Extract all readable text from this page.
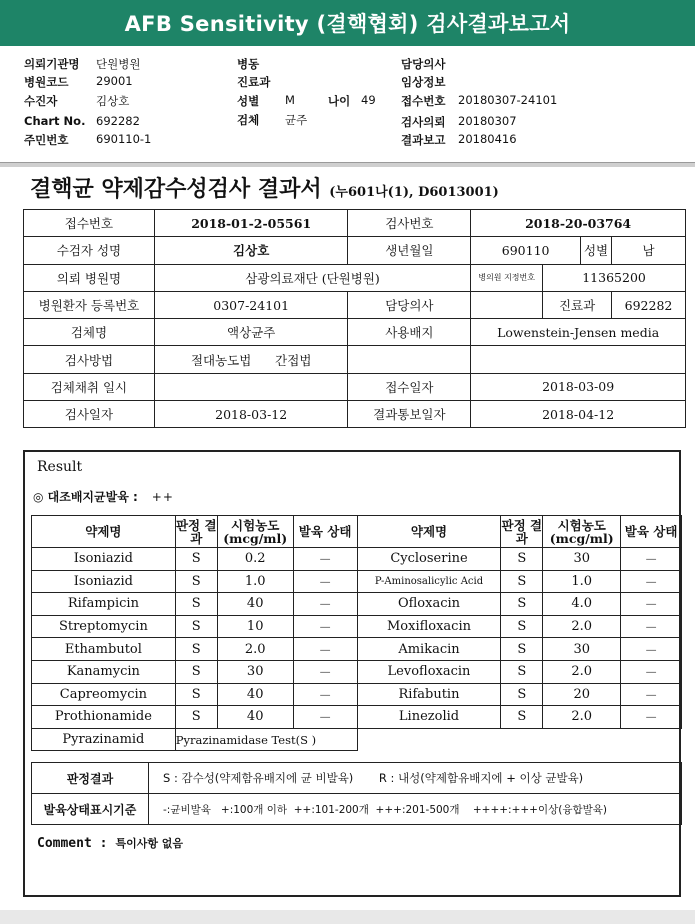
AFB Sensitivity (결핵협회) 검사결과보고서
의뢰기관명 단원병원
병원코드 29001
수진자	김상호
Chart No. 692282
주민번호 690110-1
병동
진료과
성별 M	나이 49
검체 균주
담당의사
임상정보
접수번호 20180307-24101
검사의뢰 20180307
결과보고 20180416
결핵균 약제감수성검사 결과서 (누601나(1), D6013001)
접수번호	2018-01-2-05561	검사번호	2018-20-03764			
수검자 성명	김상호	생년월일	690110		성별	남
의뢰 병원명	삼광의료재단 (단원병원)		병의원 지정번호	11365200		
병원환자 등록번호	0307-24101	담당의사		진료과		692282
검체명	액상균주	사용배지	Lowenstein-Jensen media			
검사방법	절대농도법 간접법					
검체채취 일시		접수일자	2018-03-09			
검사일자	2018-03-12	결과통보일자	2018-04-12			
Result
◎ 대조배지균발육 : ++
약제명	판정 결과	시험농도 (mcg/ml)	발육 상태	약제명	판정 결과	시험농도 (mcg/ml)	발육 상태
Isoniazid	S	0.2	－	Cycloserine	S	30	－
Isoniazid	S	1.0	－	P-Aminosalicylic Acid	S	1.0	－
Rifampicin	S	40	－	Ofloxacin	S	4.0	－
Streptomycin	S	10	－	Moxifloxacin	S	2.0	－
Ethambutol	S	2.0	－	Amikacin	S	30	－
Kanamycin	S	30	－	Levofloxacin	S	2.0	－
Capreomycin	S	40	－	Rifabutin	S	20	－
Prothionamide	S	40	－	Linezolid	S	2.0	－
Pyrazinamid	Pyrazinamidase Test(S )						
판정결과	S : 감수성(약제함유배지에 균 비발육) R : 내성(약제함유배지에 + 이상 균발육)
발육상태표시기준	-:균비발육   +:100개 이하  ++:101-200개  +++:201-500개    ++++:+++이상(융합발육)
Comment : 특이사항 없음
